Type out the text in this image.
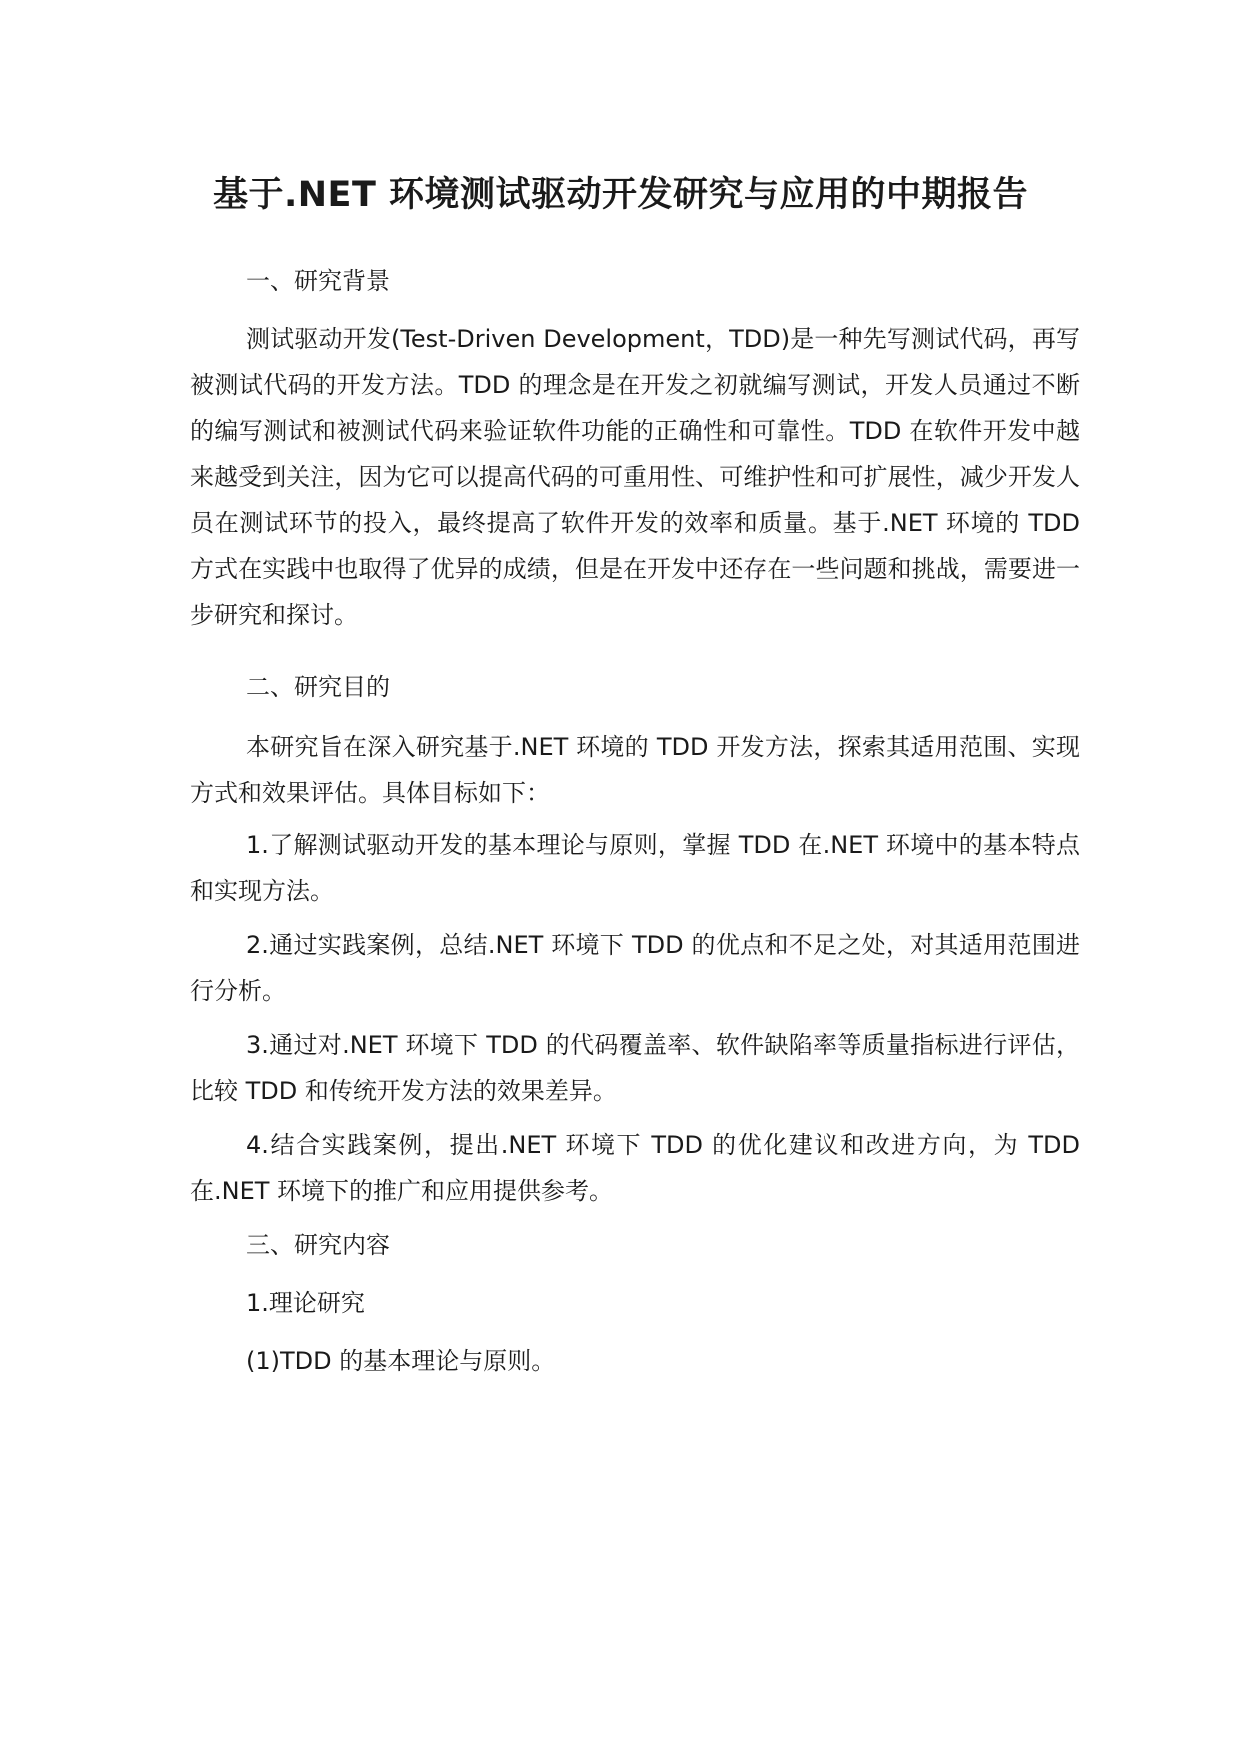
基于.NET 环境测试驱动开发研究与应用的中期报告

一、研究背景

测试驱动开发(Test-Driven Development，TDD)是一种先写测试代码，再写被测试代码的开发方法。TDD 的理念是在开发之初就编写测试，开发人员通过不断的编写测试和被测试代码来验证软件功能的正确性和可靠性。TDD 在软件开发中越来越受到关注，因为它可以提高代码的可重用性、可维护性和可扩展性，减少开发人员在测试环节的投入，最终提高了软件开发的效率和质量。基于.NET 环境的 TDD 方式在实践中也取得了优异的成绩，但是在开发中还存在一些问题和挑战，需要进一步研究和探讨。

二、研究目的

本研究旨在深入研究基于.NET 环境的 TDD 开发方法，探索其适用范围、实现方式和效果评估。具体目标如下：

1.了解测试驱动开发的基本理论与原则，掌握 TDD 在.NET 环境中的基本特点和实现方法。

2.通过实践案例，总结.NET 环境下 TDD 的优点和不足之处，对其适用范围进行分析。

3.通过对.NET 环境下 TDD 的代码覆盖率、软件缺陷率等质量指标进行评估，比较 TDD 和传统开发方法的效果差异。

4.结合实践案例，提出.NET 环境下 TDD 的优化建议和改进方向，为 TDD 在.NET 环境下的推广和应用提供参考。

三、研究内容

1.理论研究

(1)TDD 的基本理论与原则。
